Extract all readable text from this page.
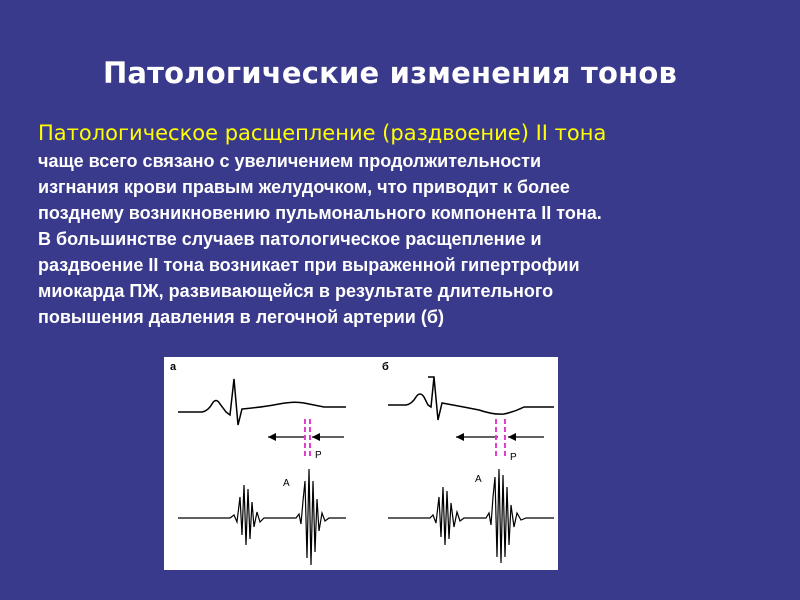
Патологические изменения тонов
Патологическое расщепление (раздвоение) II тона

чаще всего связано с увеличением продолжительности

изгнания крови правым желудочком, что приводит к более

позднему возникновению пульмонального компонента II тона.

В большинстве случаев патологическое расщепление и

раздвоение II тона возникает при выраженной гипертрофии

миокарда ПЖ, развивающейся в результате длительного

повышения давления в легочной артерии (б)

а
A
P
б
A
P
